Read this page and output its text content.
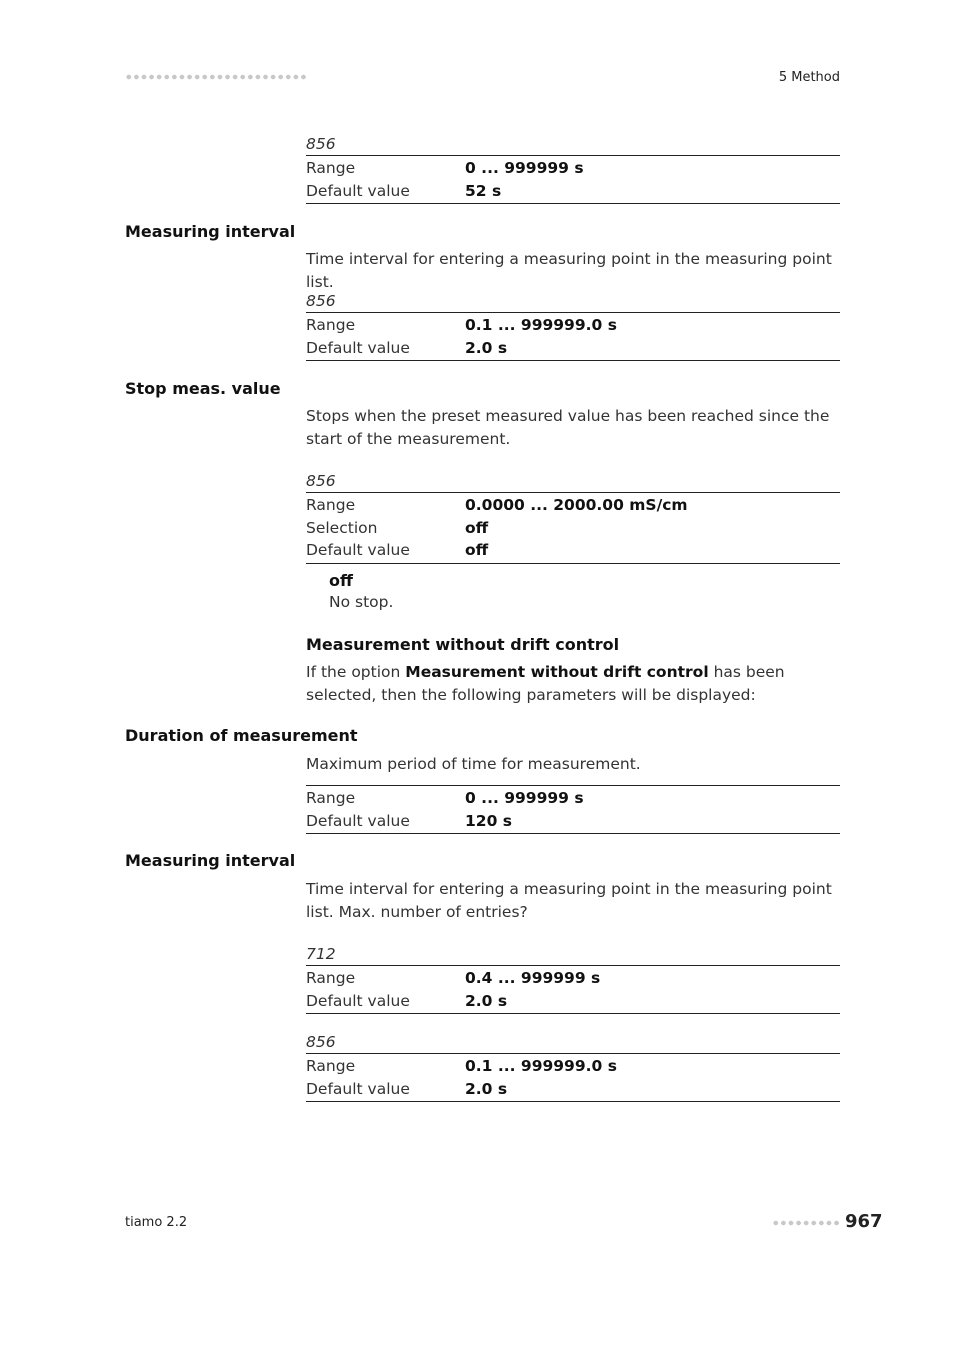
5 Method
856
Range	0 ... 999999 s
Default value	52 s
Measuring interval
Time interval for entering a measuring point in the measuring point list.
856
Range	0.1 ... 999999.0 s
Default value	2.0 s
Stop meas. value
Stops when the preset measured value has been reached since the start of the measurement.
856
Range	0.0000 ... 2000.00 mS/cm
Selection	off
Default value	off
off
No stop.
Measurement without drift control
If the option Measurement without drift control has been selected, then the following parameters will be displayed:
Duration of measurement
Maximum period of time for measurement.
Range	0 ... 999999 s
Default value	120 s
Measuring interval
Time interval for entering a measuring point in the measuring point list. Max. number of entries?
712
Range	0.4 ... 999999 s
Default value	2.0 s
856
Range	0.1 ... 999999.0 s
Default value	2.0 s
tiamo 2.2	967
